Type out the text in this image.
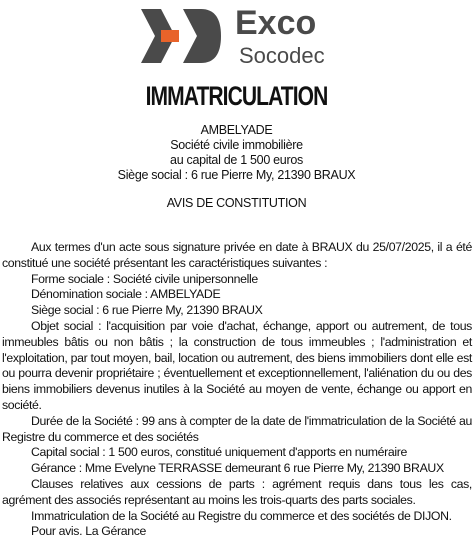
Exco
Socodec
IMMATRICULATION
AMBELYADE
Société civile immobilière
au capital de 1 500 euros
Siège social : 6 rue Pierre My, 21390 BRAUX
AVIS DE CONSTITUTION

Aux termes d'un acte sous signature privée en date à BRAUX du 25/07/2025, il a été constitué une société présentant les caractéristiques suivantes :

Forme sociale : Société civile unipersonnelle

Dénomination sociale : AMBELYADE

Siège social : 6 rue Pierre My, 21390 BRAUX

Objet social : l'acquisition par voie d'achat, échange, apport ou autrement, de tous immeubles bâtis ou non bâtis ; la construction de tous immeubles ; l'administration et l'exploitation, par tout moyen, bail, location ou autrement, des biens immobiliers dont elle est ou pourra devenir propriétaire ; éventuellement et exceptionnellement, l'aliénation du ou des biens immobiliers devenus inutiles à la Société au moyen de vente, échange ou apport en société.

Durée de la Société : 99 ans à compter de la date de l'immatriculation de la Société au Registre du commerce et des sociétés

Capital social : 1 500 euros, constitué uniquement d'apports en numéraire

Gérance : Mme Evelyne TERRASSE demeurant 6 rue Pierre My, 21390 BRAUX

Clauses relatives aux cessions de parts : agrément requis dans tous les cas, agrément des associés représentant au moins les trois-quarts des parts sociales.

Immatriculation de la Société au Registre du commerce et des sociétés de DIJON.

Pour avis. La Gérance
